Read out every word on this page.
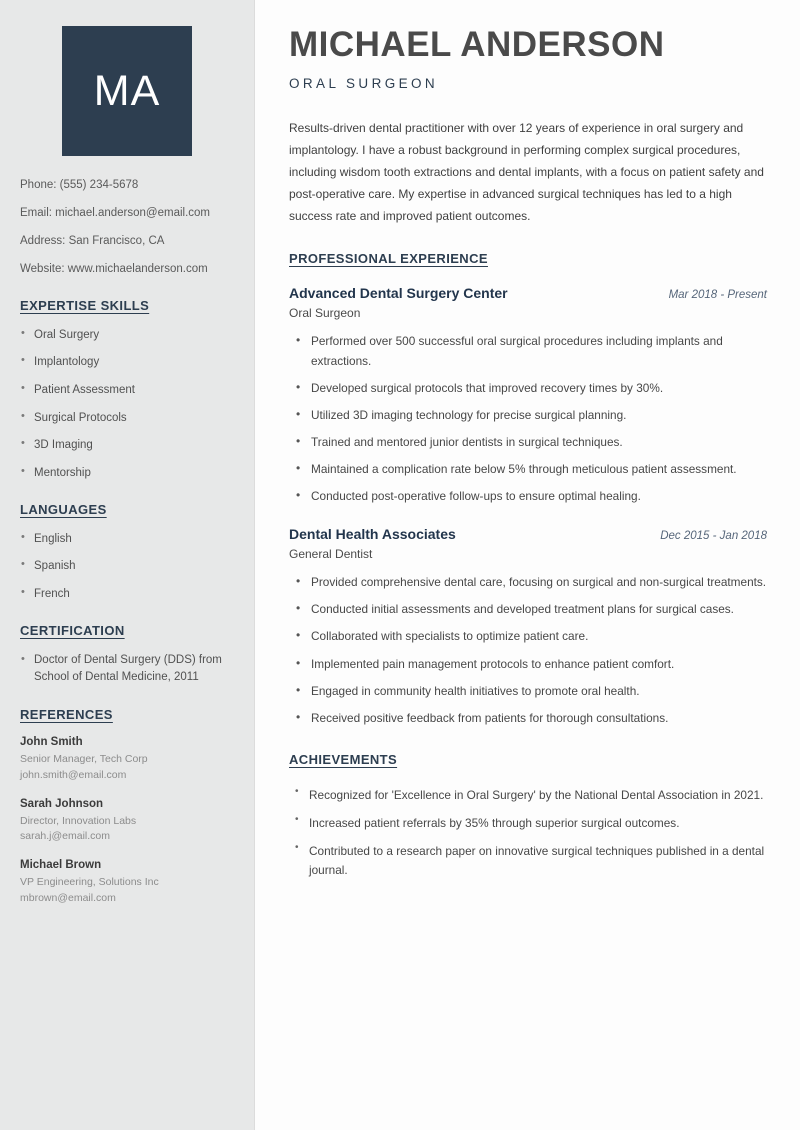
MA
Phone: (555) 234-5678
Email: michael.anderson@email.com
Address: San Francisco, CA
Website: www.michaelanderson.com
EXPERTISE SKILLS
• Oral Surgery
• Implantology
• Patient Assessment
• Surgical Protocols
• 3D Imaging
• Mentorship
LANGUAGES
• English
• Spanish
• French
CERTIFICATION
• Doctor of Dental Surgery (DDS) from School of Dental Medicine, 2011
REFERENCES
John Smith
Senior Manager, Tech Corp
john.smith@email.com
Sarah Johnson
Director, Innovation Labs
sarah.j@email.com
Michael Brown
VP Engineering, Solutions Inc
mbrown@email.com
MICHAEL ANDERSON
ORAL SURGEON

Results-driven dental practitioner with over 12 years of experience in oral surgery and implantology. I have a robust background in performing complex surgical procedures, including wisdom tooth extractions and dental implants, with a focus on patient safety and post-operative care. My expertise in advanced surgical techniques has led to a high success rate and improved patient outcomes.

PROFESSIONAL EXPERIENCE
Advanced Dental Surgery Center	Mar 2018 - Present
Oral Surgeon
• Performed over 500 successful oral surgical procedures including implants and extractions.
• Developed surgical protocols that improved recovery times by 30%.
• Utilized 3D imaging technology for precise surgical planning.
• Trained and mentored junior dentists in surgical techniques.
• Maintained a complication rate below 5% through meticulous patient assessment.
• Conducted post-operative follow-ups to ensure optimal healing.
Dental Health Associates	Dec 2015 - Jan 2018
General Dentist
• Provided comprehensive dental care, focusing on surgical and non-surgical treatments.
• Conducted initial assessments and developed treatment plans for surgical cases.
• Collaborated with specialists to optimize patient care.
• Implemented pain management protocols to enhance patient comfort.
• Engaged in community health initiatives to promote oral health.
• Received positive feedback from patients for thorough consultations.
ACHIEVEMENTS
• Recognized for 'Excellence in Oral Surgery' by the National Dental Association in 2021.
• Increased patient referrals by 35% through superior surgical outcomes.
• Contributed to a research paper on innovative surgical techniques published in a dental journal.
